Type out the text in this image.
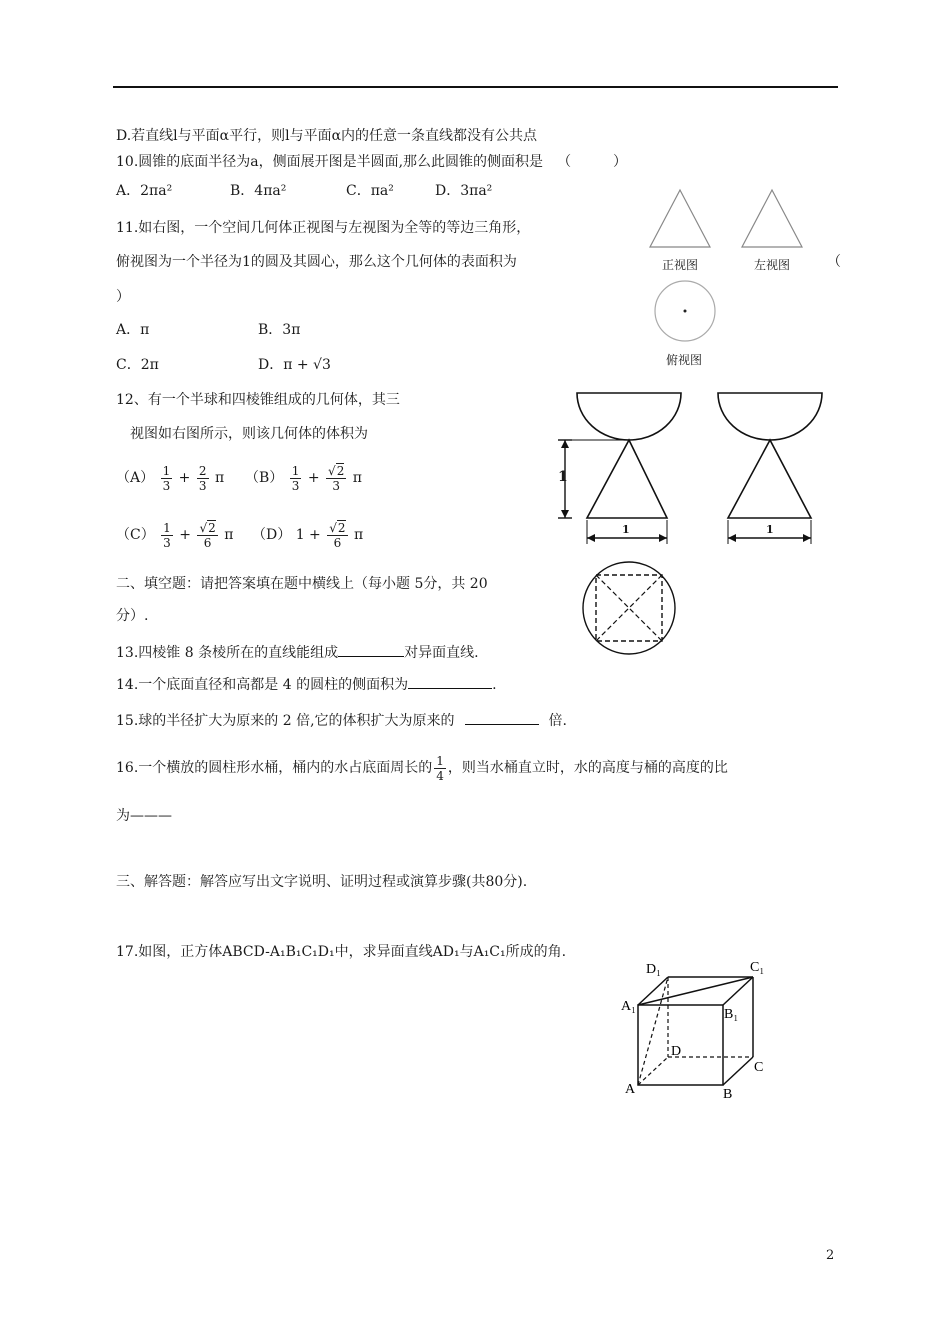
D.若直线l与平面α平行，则l与平面α内的任意一条直线都没有公共点
10.圆锥的底面半径为a，侧面展开图是半圆面,那么此圆锥的侧面积是 （　　　）
A．2πa²	B．4πa²	C．πa²	D．3πa²
11.如右图，一个空间几何体正视图与左视图为全等的等边三角形，
俯视图为一个半径为1的圆及其圆心，那么这个几何体的表面积为	（
）
A．π	B．3π
C．2π	D．π + √3
正视图	左视图
俯视图
12、有一个半球和四棱锥组成的几何体，其三
视图如右图所示，则该几何体的体积为
$(A) \frac{1}{3} + \frac{2}{3}$ π $(B) \frac{1}{3} + \frac{√2}{3}$ π
$(C) \frac{1}{3} + \frac{√2}{6}$ π （D） $1 + \frac{√2}{6}$ π
1
1	1
二、填空题：请把答案填在题中横线上（每小题 5分，共 20
分）.
13.四棱锥 8 条棱所在的直线能组成	对异面直线.
14.一个底面直径和高都是 4 的圆柱的侧面积为	.
15.球的半径扩大为原来的 2 倍,它的体积扩大为原来的	倍.
16.一个横放的圆柱形水桶，桶内的水占底面周长的 $\frac{1}{4}$ ，则当水桶直立时，水的高度与桶的高度的比
为———
三、解答题：解答应写出文字说明、证明过程或演算步骤(共80分).
17.如图，正方体ABCD-A₁B₁C₁D₁中，求异面直线AD₁与A₁C₁所成的角.
D₁	C₁
A₁
B₁
D
C
A	B
2
